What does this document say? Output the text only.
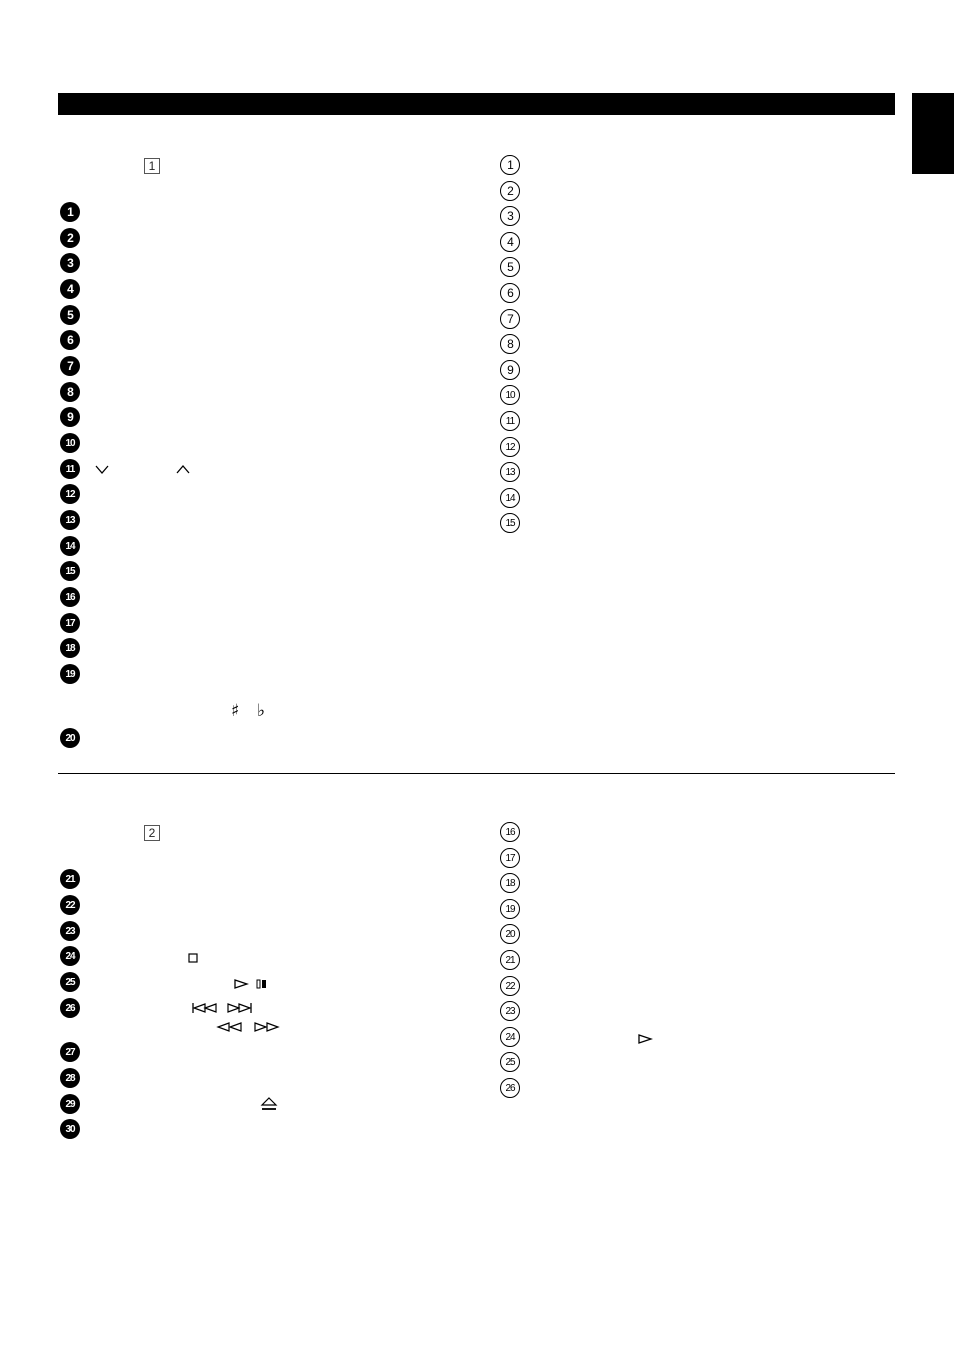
1
2
1
2
3
4
5
6
7
8
9
10
11
12
13
14
15
16
17
18
19
20
1
2
3
4
5
6
7
8
9
10
11
12
13
14
15
21
22
23
24
25
26
27
28
29
30
16
17
18
19
20
21
22
23
24
25
26
♯ ♭
